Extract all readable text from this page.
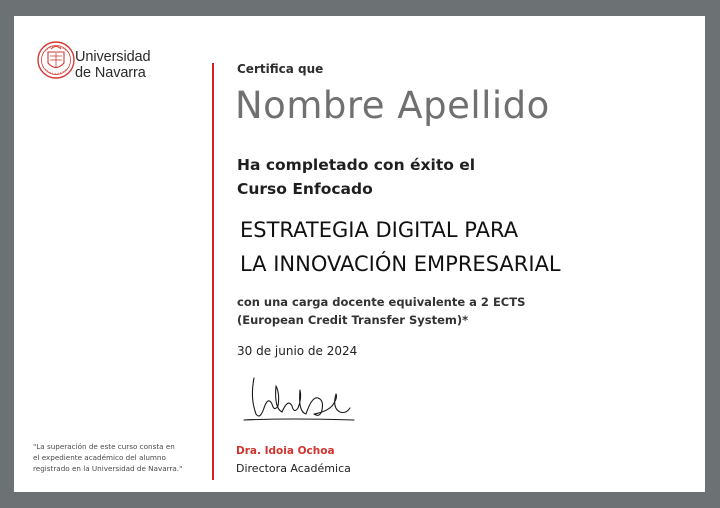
Universidad
de Navarra
"La superación de este curso consta en
el expediente académico del alumno
registrado en la Universidad de Navarra."
Certifica que
Nombre Apellido
Ha completado con éxito el
Curso Enfocado
ESTRATEGIA DIGITAL PARA
LA INNOVACIÓN EMPRESARIAL
con una carga docente equivalente a 2 ECTS
(European Credit Transfer System)*
30 de junio de 2024
Dra. Idoia Ochoa
Directora Académica
